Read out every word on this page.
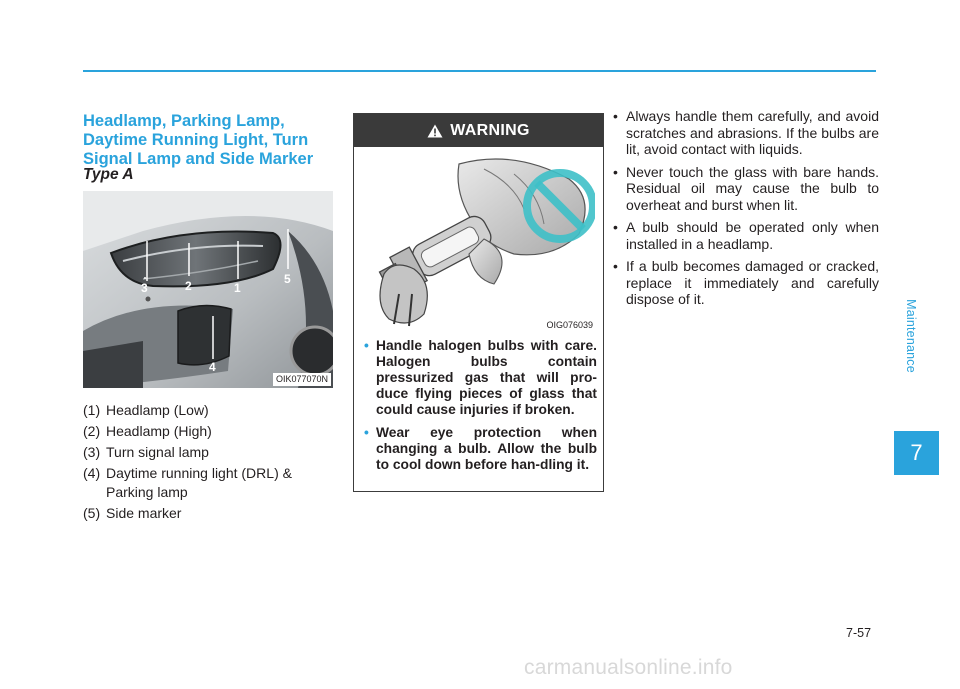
Headlamp, Parking Lamp,
Daytime Running Light, Turn
Signal Lamp and Side Marker
Type A
3	2	1
5
4
OIK077070N
(1) Headlamp (Low)
(2) Headlamp (High)
(3) Turn signal lamp
(4) Daytime running light (DRL) & Parking lamp
(5) Side marker
WARNING
OIG076039
• Handle halogen bulbs with care. Halogen bulbs contain pressurized gas that will pro-duce flying pieces of glass that could cause injuries if broken.
• Wear eye protection when changing a bulb. Allow the bulb to cool down before han-dling it.
• Always handle them carefully, and avoid scratches and abrasions. If the bulbs are lit, avoid contact with liquids.
• Never touch the glass with bare hands. Residual oil may cause the bulb to overheat and burst when lit.
• A bulb should be operated only when installed in a headlamp.
• If a bulb becomes damaged or cracked, replace it immediately and carefully dispose of it.
Maintenance
7
7-57
carmanualsonline.info
